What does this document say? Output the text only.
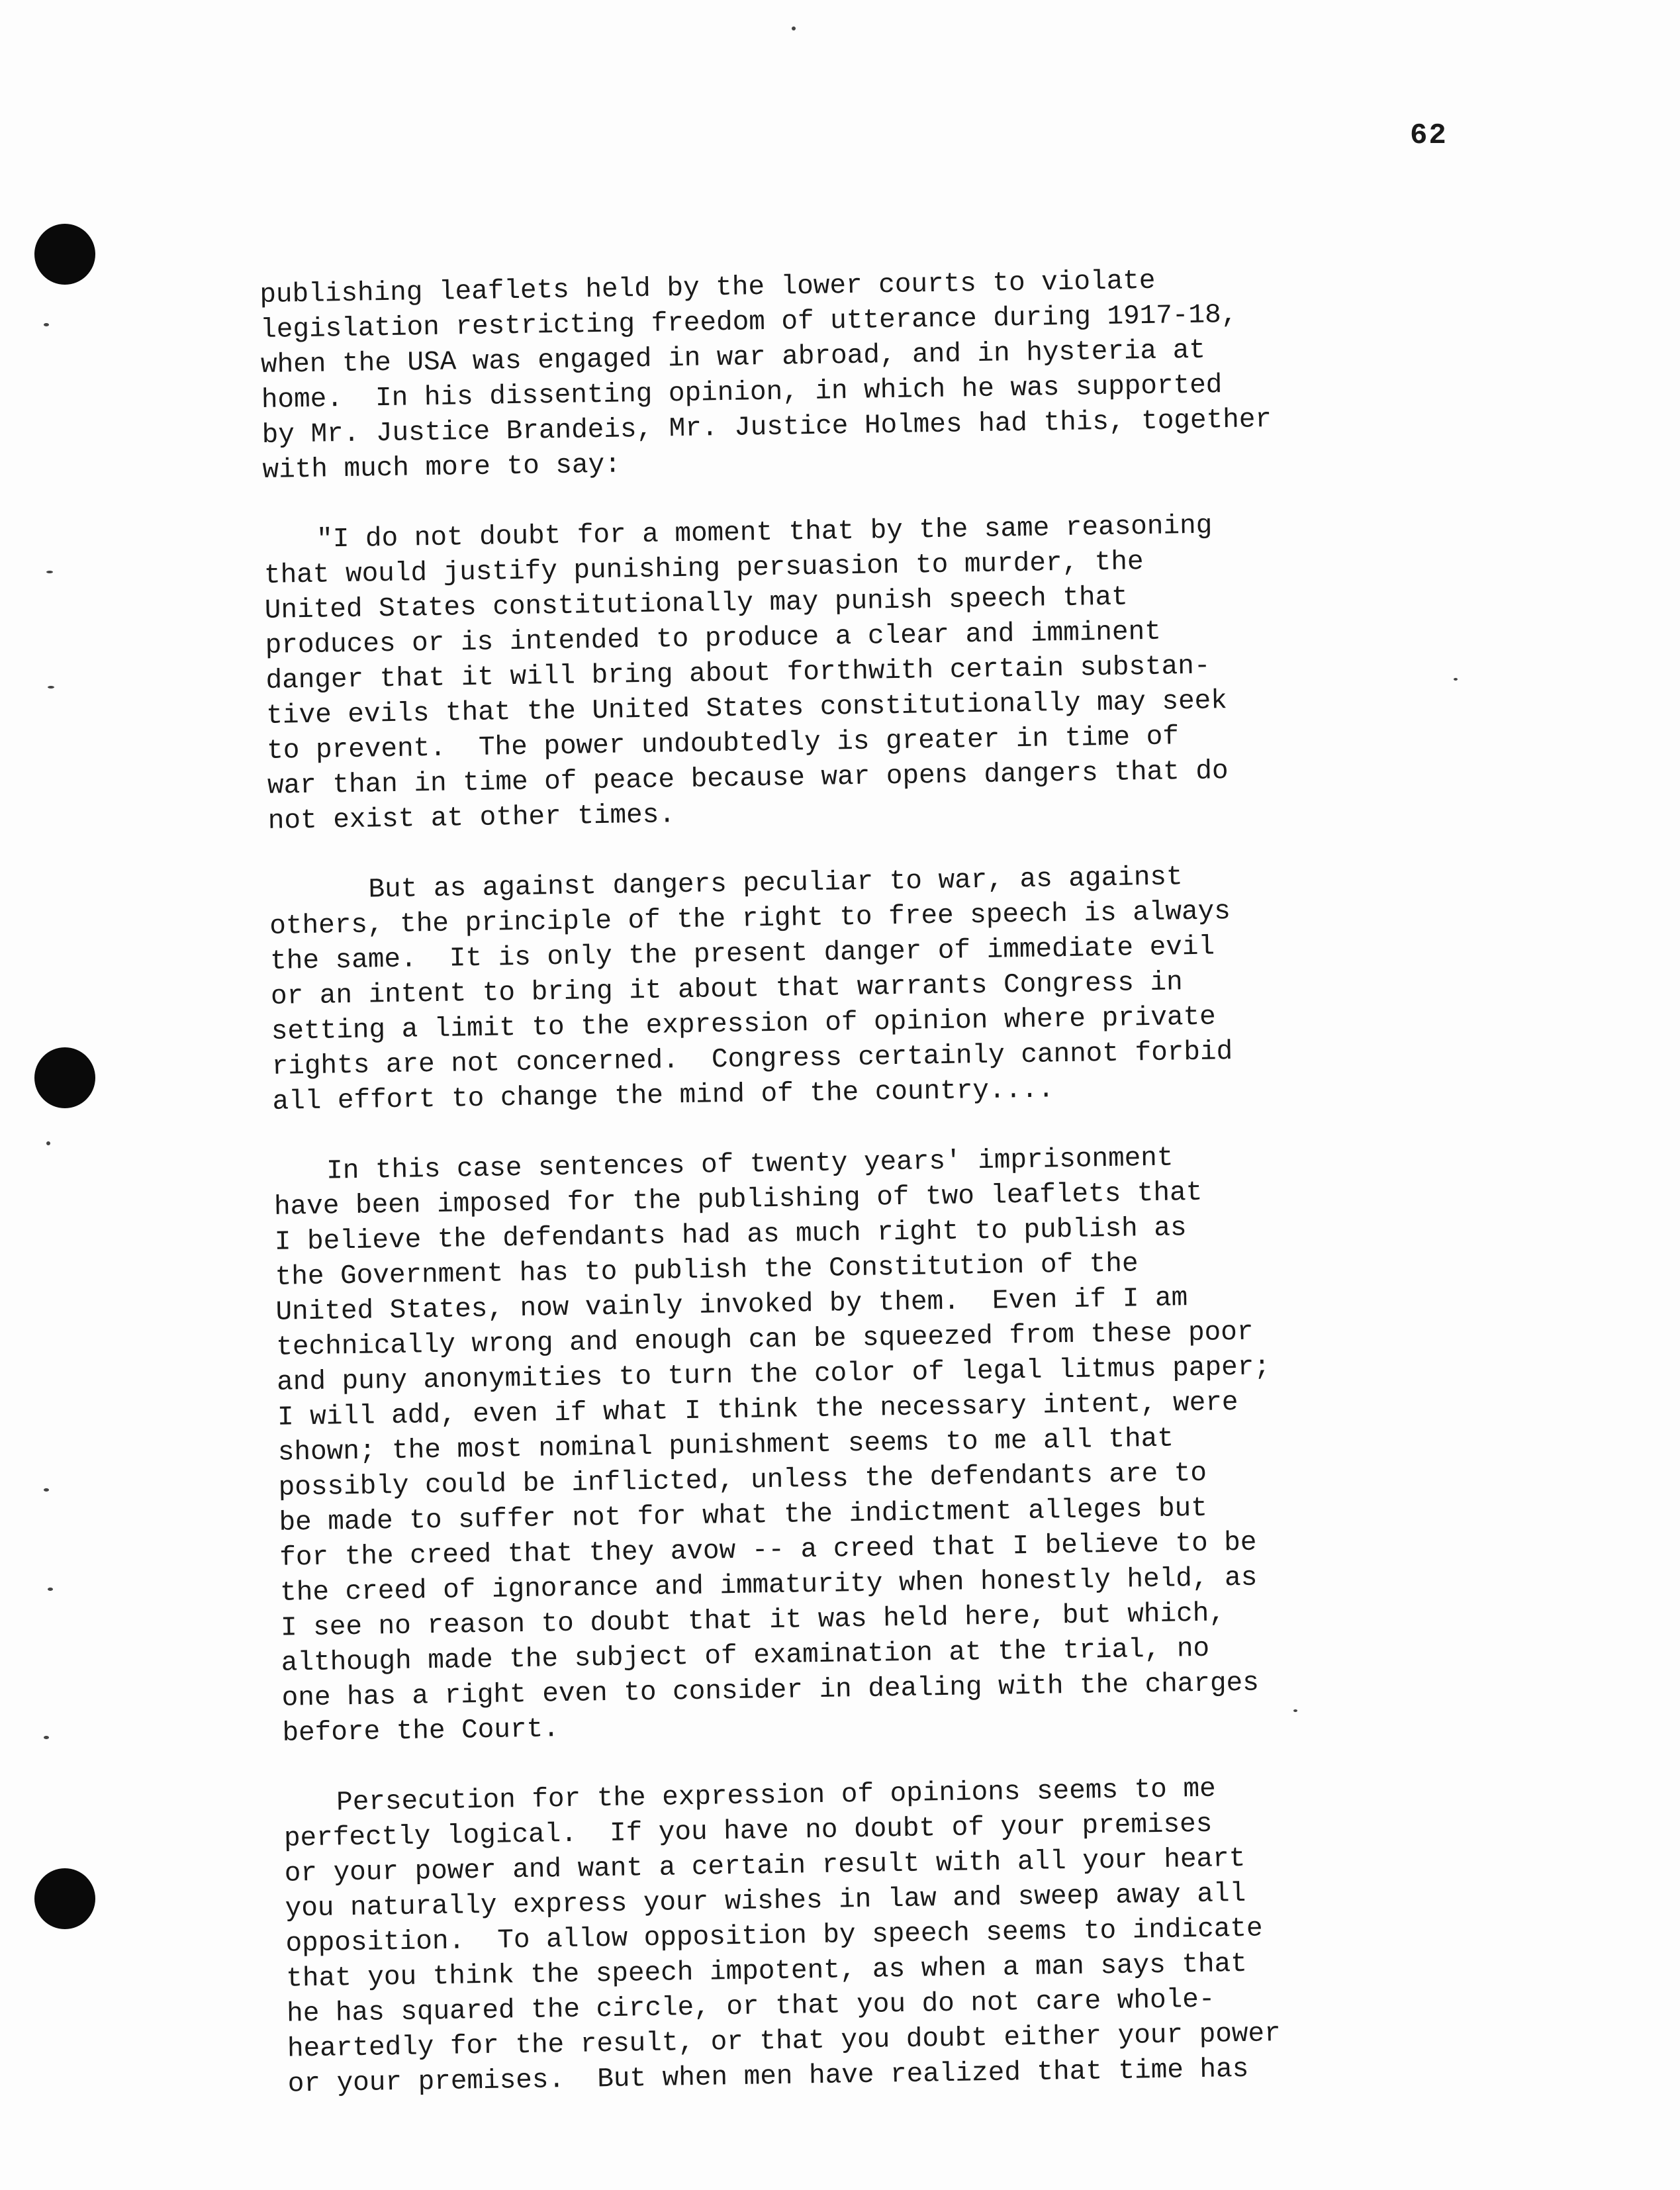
62
publishing leaflets held by the lower courts to violate
legislation restricting freedom of utterance during 1917-18,
when the USA was engaged in war abroad, and in hysteria at
home.  In his dissenting opinion, in which he was supported
by Mr. Justice Brandeis, Mr. Justice Holmes had this, together
with much more to say:
"I do not doubt for a moment that by the same reasoning
that would justify punishing persuasion to murder, the
United States constitutionally may punish speech that
produces or is intended to produce a clear and imminent
danger that it will bring about forthwith certain substan-
tive evils that the United States constitutionally may seek
to prevent.  The power undoubtedly is greater in time of
war than in time of peace because war opens dangers that do
not exist at other times.
But as against dangers peculiar to war, as against
others, the principle of the right to free speech is always
the same.  It is only the present danger of immediate evil
or an intent to bring it about that warrants Congress in
setting a limit to the expression of opinion where private
rights are not concerned.  Congress certainly cannot forbid
all effort to change the mind of the country....
In this case sentences of twenty years' imprisonment
have been imposed for the publishing of two leaflets that
I believe the defendants had as much right to publish as
the Government has to publish the Constitution of the
United States, now vainly invoked by them.  Even if I am
technically wrong and enough can be squeezed from these poor
and puny anonymities to turn the color of legal litmus paper;
I will add, even if what I think the necessary intent, were
shown; the most nominal punishment seems to me all that
possibly could be inflicted, unless the defendants are to
be made to suffer not for what the indictment alleges but
for the creed that they avow -- a creed that I believe to be
the creed of ignorance and immaturity when honestly held, as
I see no reason to doubt that it was held here, but which,
although made the subject of examination at the trial, no
one has a right even to consider in dealing with the charges
before the Court.
Persecution for the expression of opinions seems to me
perfectly logical.  If you have no doubt of your premises
or your power and want a certain result with all your heart
you naturally express your wishes in law and sweep away all
opposition.  To allow opposition by speech seems to indicate
that you think the speech impotent, as when a man says that
he has squared the circle, or that you do not care whole-
heartedly for the result, or that you doubt either your power
or your premises.  But when men have realized that time has
